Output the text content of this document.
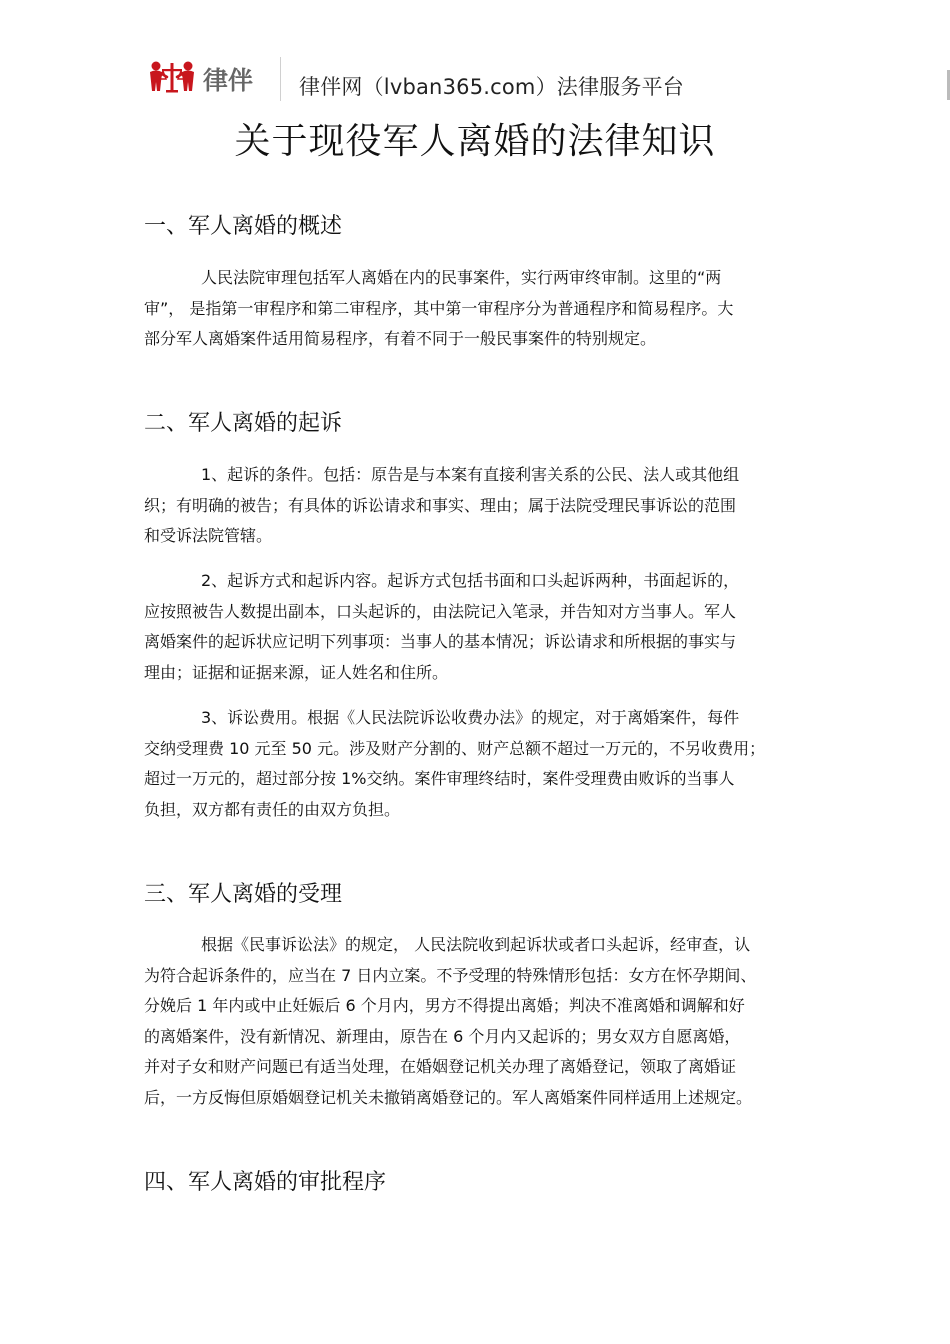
律伴 律伴网（lvban365.com）法律服务平台
关于现役军人离婚的法律知识
一、军人离婚的概述
人民法院审理包括军人离婚在内的民事案件，实行两审终审制。这里的“两
审”， 是指第一审程序和第二审程序，其中第一审程序分为普通程序和简易程序。大
部分军人离婚案件适用简易程序，有着不同于一般民事案件的特别规定。
二、军人离婚的起诉
1、起诉的条件。包括：原告是与本案有直接利害关系的公民、法人或其他组
织；有明确的被告；有具体的诉讼请求和事实、理由；属于法院受理民事诉讼的范围
和受诉法院管辖。
2、起诉方式和起诉内容。起诉方式包括书面和口头起诉两种，书面起诉的，
应按照被告人数提出副本，口头起诉的，由法院记入笔录，并告知对方当事人。军人
离婚案件的起诉状应记明下列事项：当事人的基本情况；诉讼请求和所根据的事实与
理由；证据和证据来源，证人姓名和住所。
3、诉讼费用。根据《人民法院诉讼收费办法》的规定，对于离婚案件，每件
交纳受理费 10 元至 50 元。涉及财产分割的、财产总额不超过一万元的，不另收费用；
超过一万元的，超过部分按 1%交纳。案件审理终结时，案件受理费由败诉的当事人
负担，双方都有责任的由双方负担。
三、军人离婚的受理
根据《民事诉讼法》的规定， 人民法院收到起诉状或者口头起诉，经审查，认
为符合起诉条件的，应当在 7 日内立案。不予受理的特殊情形包括：女方在怀孕期间、
分娩后 1 年内或中止妊娠后 6 个月内，男方不得提出离婚；判决不准离婚和调解和好
的离婚案件，没有新情况、新理由，原告在 6 个月内又起诉的；男女双方自愿离婚，
并对子女和财产问题已有适当处理，在婚姻登记机关办理了离婚登记，领取了离婚证
后，一方反悔但原婚姻登记机关未撤销离婚登记的。军人离婚案件同样适用上述规定。
四、军人离婚的审批程序
